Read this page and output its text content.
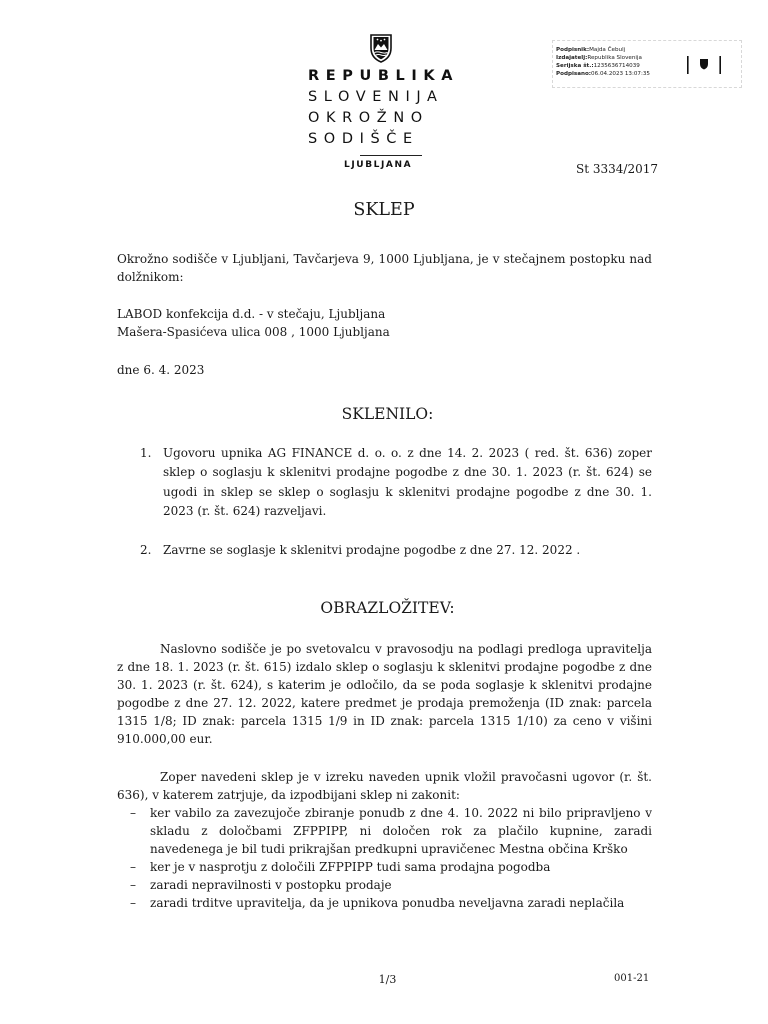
REPUBLIKA
SLOVENIJA
OKROŽNO
SODIŠČE
LJUBLJANA
Podpisnik:Majda Čebulj
Izdajatelj:Republika Slovenija
Serijska št.:1235636714039
Podpisano:06.04.2023 13:07:35
St 3334/2017
SKLEP
Okrožno sodišče v Ljubljani, Tavčarjeva 9, 1000 Ljubljana, je v stečajnem postopku nad dolžnikom:
LABOD konfekcija d.d. - v stečaju, Ljubljana
Mašera-Spasićeva ulica 008 , 1000 Ljubljana
dne 6. 4. 2023
SKLENILO:
1. Ugovoru upnika AG FINANCE d. o. o. z dne 14. 2. 2023 ( red. št. 636) zoper sklep o soglasju k sklenitvi prodajne pogodbe z dne 30. 1. 2023 (r. št. 624) se ugodi in sklep se sklep o soglasju k sklenitvi prodajne pogodbe z dne 30. 1. 2023 (r. št. 624) razveljavi.
2. Zavrne se soglasje k sklenitvi prodajne pogodbe z dne 27. 12. 2022 .
OBRAZLOŽITEV:

Naslovno sodišče je po svetovalcu v pravosodju na podlagi predloga upravitelja z dne 18. 1. 2023 (r. št. 615) izdalo sklep o soglasju k sklenitvi prodajne pogodbe z dne 30. 1. 2023 (r. št. 624), s katerim je odločilo, da se poda soglasje k sklenitvi prodajne pogodbe z dne 27. 12. 2022, katere predmet je prodaja premoženja (ID znak: parcela 1315 1/8; ID znak: parcela 1315 1/9 in ID znak: parcela 1315 1/10) za ceno v višini 910.000,00 eur.

Zoper navedeni sklep je v izreku naveden upnik vložil pravočasni ugovor (r. št. 636), v katerem zatrjuje, da izpodbijani sklep ni zakonit:

– ker vabilo za zavezujoče zbiranje ponudb z dne 4. 10. 2022 ni bilo pripravljeno v skladu z določbami ZFPPIPP, ni določen rok za plačilo kupnine, zaradi navedenega je bil tudi prikrajšan predkupni upravičenec Mestna občina Krško
– ker je v nasprotju z določili ZFPPIPP tudi sama prodajna pogodba
– zaradi nepravilnosti v postopku prodaje
– zaradi trditve upravitelja, da je upnikova ponudba neveljavna zaradi neplačila
1/3	001-21
